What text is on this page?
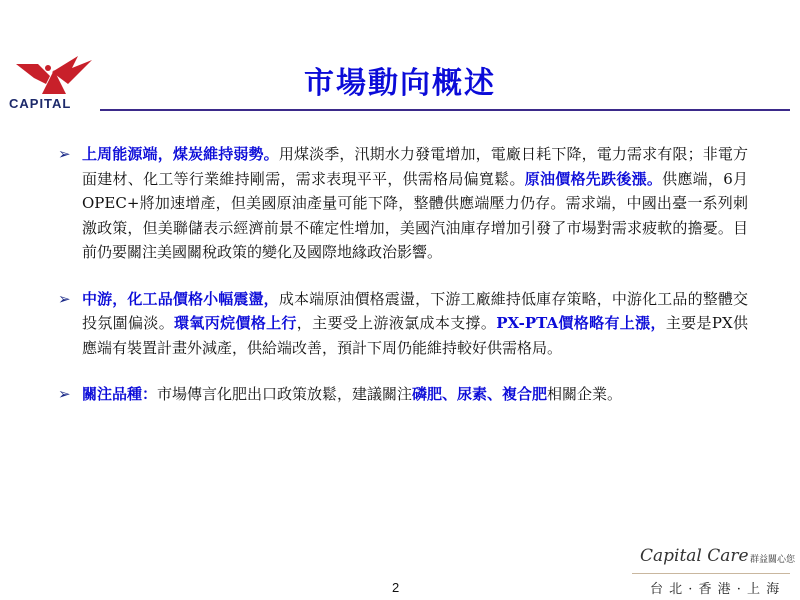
CAPITAL
市場動向概述
➢ 上周能源端，煤炭維持弱勢。用煤淡季，汛期水力發電增加，電廠日耗下降，電力需求有限；非電方面建材、化工等行業維持剛需，需求表現平平，供需格局偏寬鬆。原油價格先跌後漲。供應端，6月OPEC+將加速增產，但美國原油產量可能下降，整體供應端壓力仍存。需求端，中國出臺一系列刺激政策，但美聯儲表示經濟前景不確定性增加，美國汽油庫存增加引發了市場對需求疲軟的擔憂。目前仍要關注美國關稅政策的變化及國際地緣政治影響。
➢ 中游，化工品價格小幅震盪，成本端原油價格震盪，下游工廠維持低庫存策略，中游化工品的整體交投氛圍偏淡。環氧丙烷價格上行，主要受上游液氯成本支撐。PX-PTA價格略有上漲，主要是PX供應端有裝置計畫外減產，供給端改善，預計下周仍能維持較好供需格局。
➢ 關注品種：市場傳言化肥出口政策放鬆，建議關注磷肥、尿素、複合肥相關企業。
Capital Care 群益關心您
台 北 · 香 港 · 上 海
2
